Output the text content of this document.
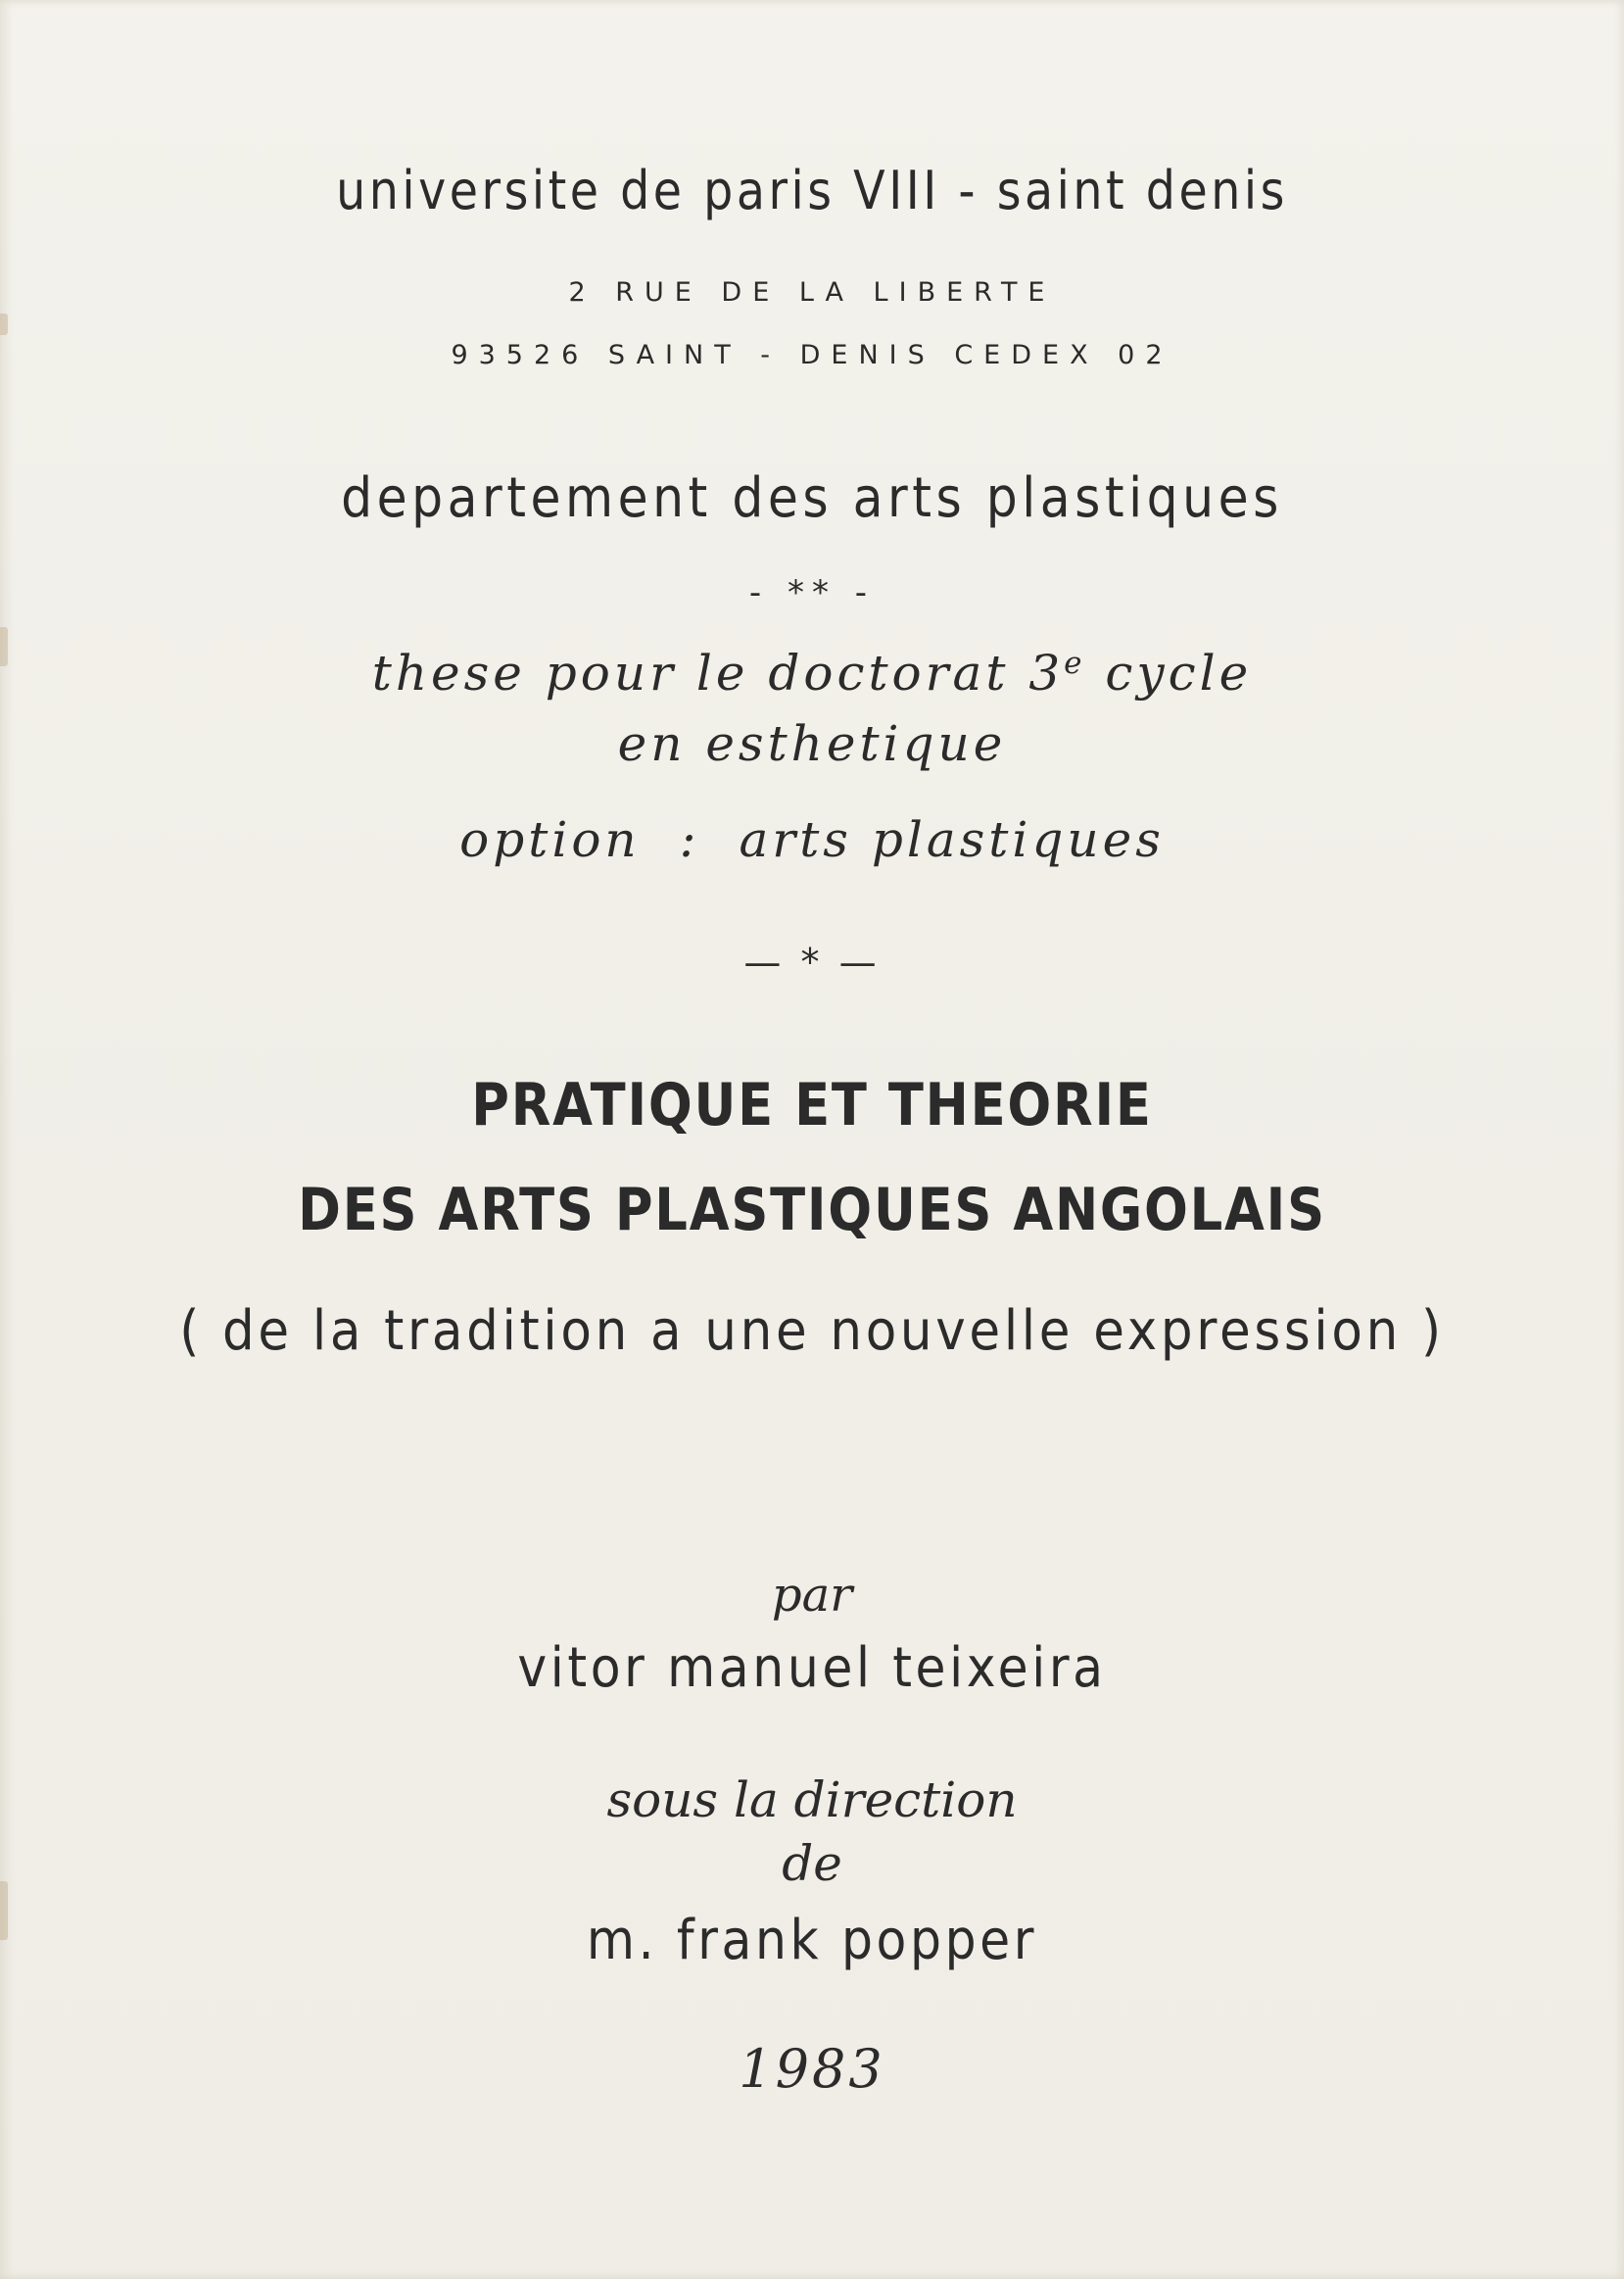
universite de paris VIII - saint denis
2 RUE DE LA LIBERTE
93526 SAINT - DENIS CEDEX 02
departement des arts plastiques
- ** -
these pour le doctorat 3e cycle
en esthetique
option : arts plastiques
— * —
PRATIQUE ET THEORIE
DES ARTS PLASTIQUES ANGOLAIS
( de la tradition a une nouvelle expression )
par
vitor manuel teixeira
sous la direction
de
m. frank popper
1983
